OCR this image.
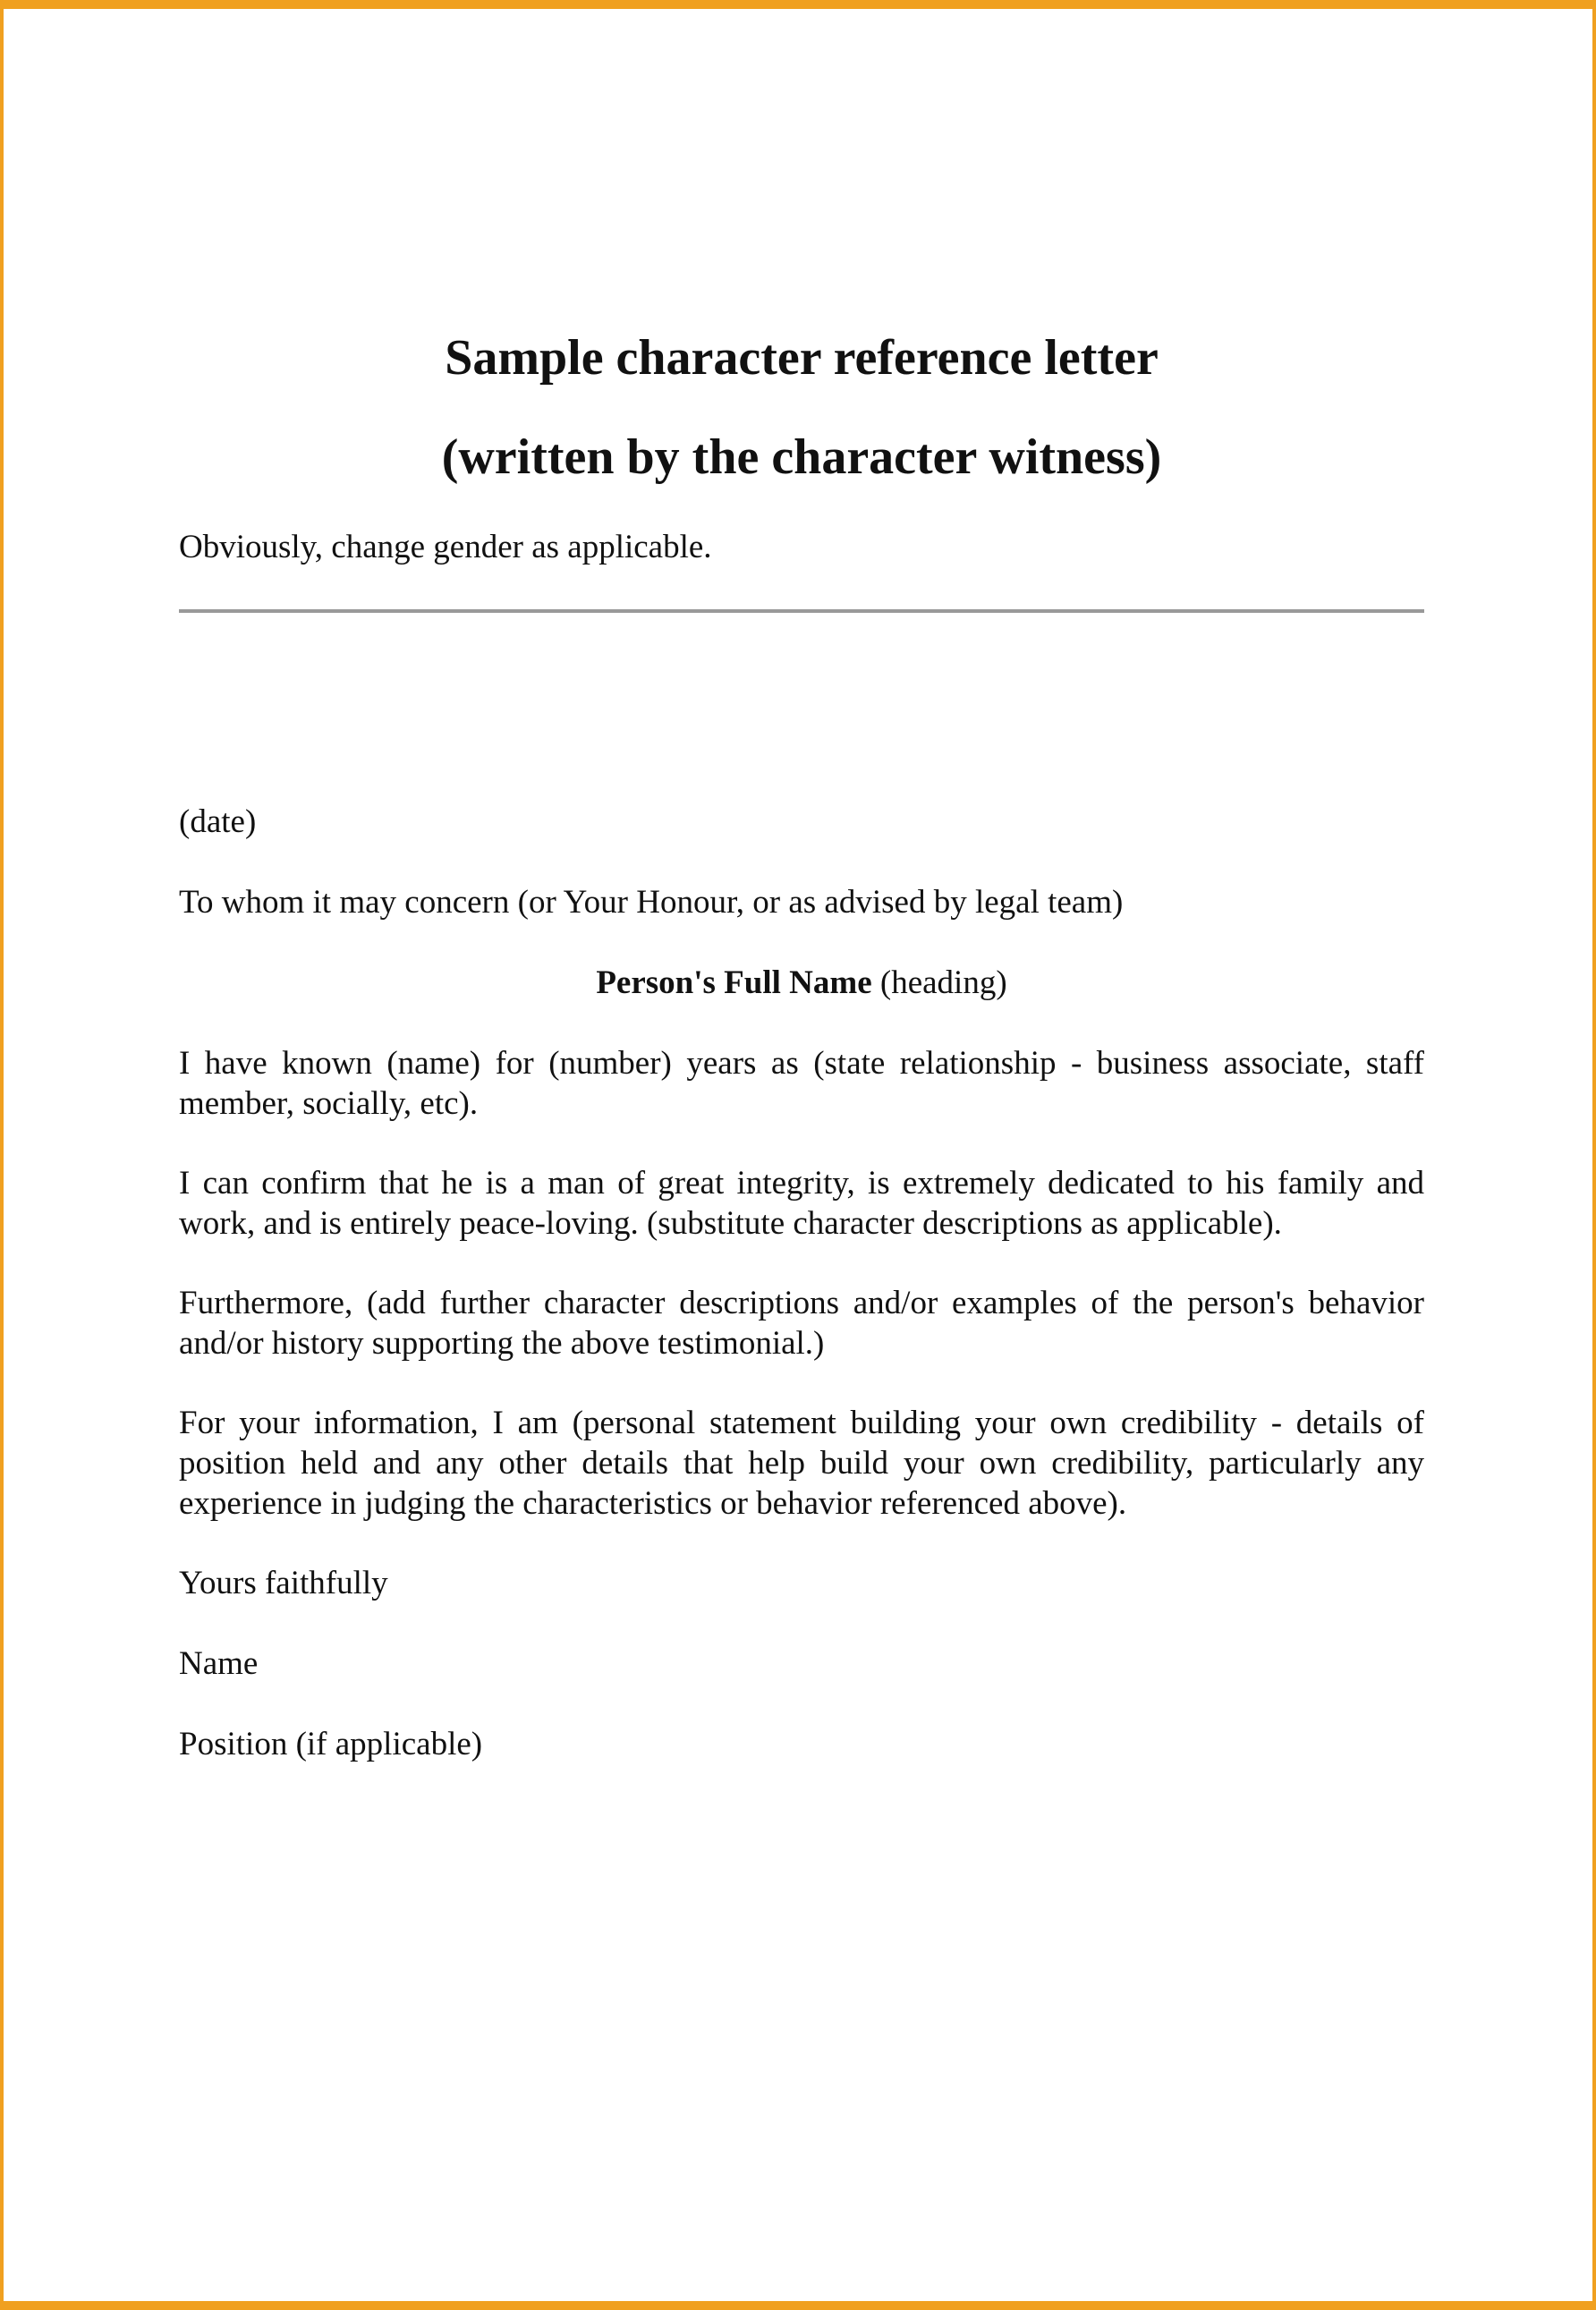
Sample character reference letter
(written by the character witness)

Obviously, change gender as applicable.

(date)

To whom it may concern (or Your Honour, or as advised by legal team)

Person's Full Name (heading)

I have known (name) for (number) years as (state relationship - business associate, staff member, socially, etc).

I can confirm that he is a man of great integrity, is extremely dedicated to his family and work, and is entirely peace-loving. (substitute character descriptions as applicable).

Furthermore, (add further character descriptions and/or examples of the person's behavior and/or history supporting the above testimonial.)

For your information, I am (personal statement building your own credibility - details of position held and any other details that help build your own credibility, particularly any experience in judging the characteristics or behavior referenced above).

Yours faithfully

Name

Position (if applicable)
